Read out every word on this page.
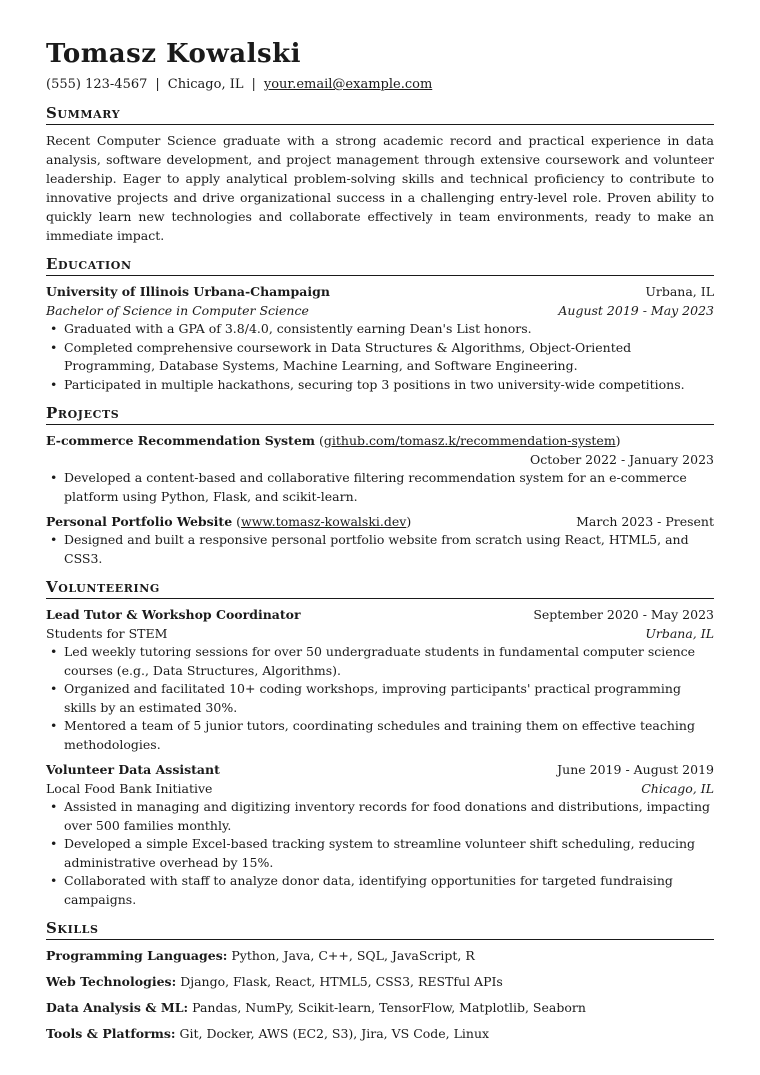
Tomasz Kowalski
(555) 123-4567 | Chicago, IL | your.email@example.com
Summary

Recent Computer Science graduate with a strong academic record and practical experience in data analysis, software development, and project management through extensive coursework and volunteer leadership. Eager to apply analytical problem-solving skills and technical proficiency to contribute to innovative projects and drive organizational success in a challenging entry-level role. Proven ability to quickly learn new technologies and collaborate effectively in team environments, ready to make an immediate impact.

Education
University of Illinois Urbana-Champaign	Urbana, IL
Bachelor of Science in Computer Science	August 2019 - May 2023
• Graduated with a GPA of 3.8/4.0, consistently earning Dean's List honors.
• Completed comprehensive coursework in Data Structures & Algorithms, Object-Oriented Programming, Database Systems, Machine Learning, and Software Engineering.
• Participated in multiple hackathons, securing top 3 positions in two university-wide competitions.
Projects
E-commerce Recommendation System (github.com/tomasz.k/recommendation-system)
October 2022 - January 2023
• Developed a content-based and collaborative filtering recommendation system for an e-commerce platform using Python, Flask, and scikit-learn.
Personal Portfolio Website (www.tomasz-kowalski.dev)	March 2023 - Present
• Designed and built a responsive personal portfolio website from scratch using React, HTML5, and CSS3.
Volunteering
Lead Tutor & Workshop Coordinator	September 2020 - May 2023
Students for STEM	Urbana, IL
• Led weekly tutoring sessions for over 50 undergraduate students in fundamental computer science courses (e.g., Data Structures, Algorithms).
• Organized and facilitated 10+ coding workshops, improving participants' practical programming skills by an estimated 30%.
• Mentored a team of 5 junior tutors, coordinating schedules and training them on effective teaching methodologies.
Volunteer Data Assistant	June 2019 - August 2019
Local Food Bank Initiative	Chicago, IL
• Assisted in managing and digitizing inventory records for food donations and distributions, impacting over 500 families monthly.
• Developed a simple Excel-based tracking system to streamline volunteer shift scheduling, reducing administrative overhead by 15%.
• Collaborated with staff to analyze donor data, identifying opportunities for targeted fundraising campaigns.
Skills
Programming Languages: Python, Java, C++, SQL, JavaScript, R
Web Technologies: Django, Flask, React, HTML5, CSS3, RESTful APIs
Data Analysis & ML: Pandas, NumPy, Scikit-learn, TensorFlow, Matplotlib, Seaborn
Tools & Platforms: Git, Docker, AWS (EC2, S3), Jira, VS Code, Linux
